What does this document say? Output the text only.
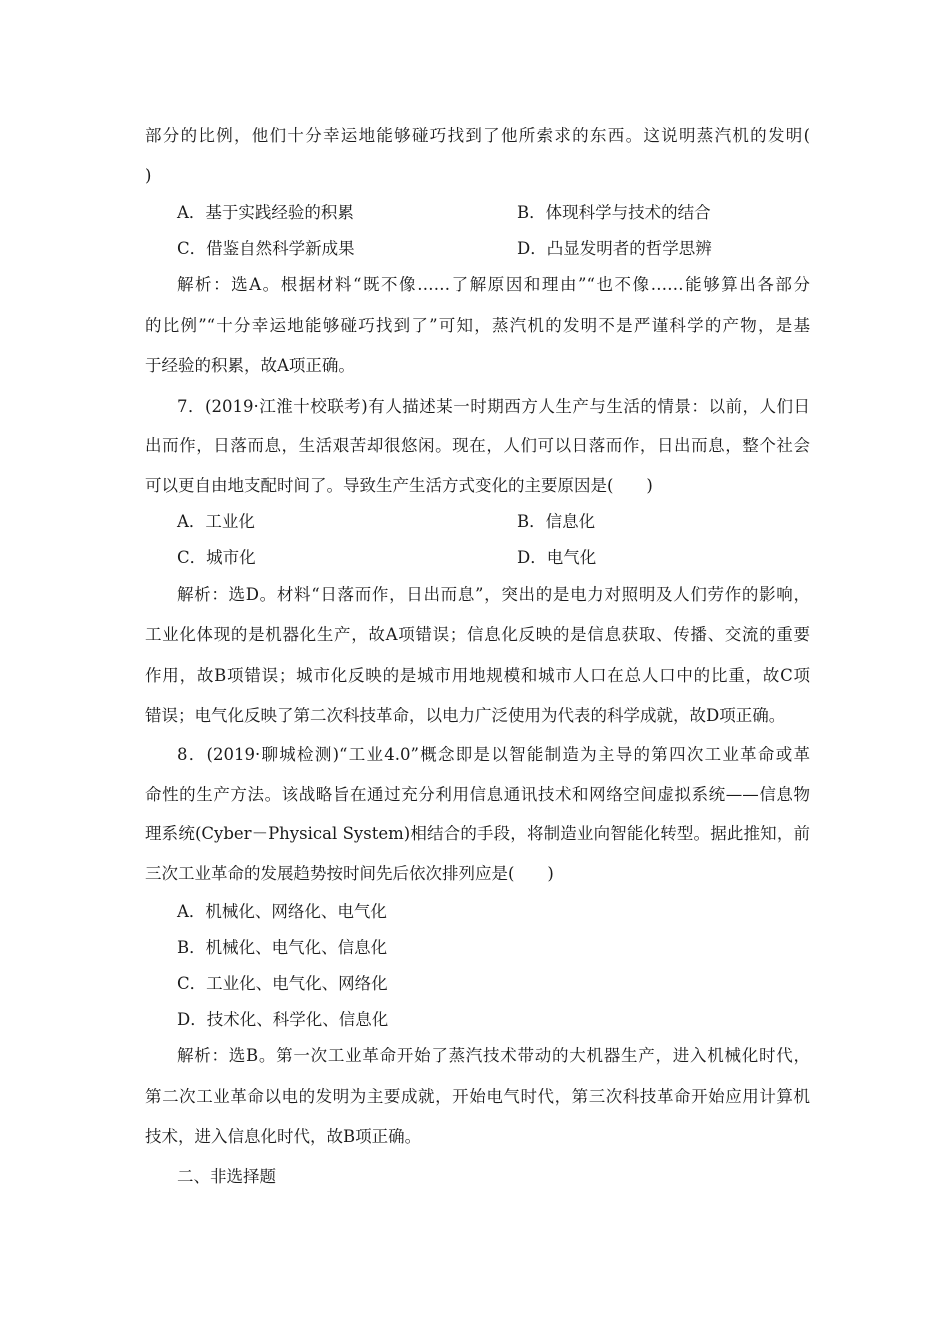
部分的比例，他们十分幸运地能够碰巧找到了他所索求的东西。这说明蒸汽机的发明(
)
A．基于实践经验的积累	B．体现科学与技术的结合
C．借鉴自然科学新成果	D．凸显发明者的哲学思辨
解析：选A。根据材料“既不像……了解原因和理由”“也不像……能够算出各部分
的比例”“十分幸运地能够碰巧找到了”可知，蒸汽机的发明不是严谨科学的产物，是基
于经验的积累，故A项正确。
7．(2019·江淮十校联考)有人描述某一时期西方人生产与生活的情景：以前，人们日
出而作，日落而息，生活艰苦却很悠闲。现在，人们可以日落而作，日出而息，整个社会
可以更自由地支配时间了。导致生产生活方式变化的主要原因是(　　)
A．工业化	B．信息化
C．城市化	D．电气化
解析：选D。材料“日落而作，日出而息”，突出的是电力对照明及人们劳作的影响，
工业化体现的是机器化生产，故A项错误；信息化反映的是信息获取、传播、交流的重要
作用，故B项错误；城市化反映的是城市用地规模和城市人口在总人口中的比重，故C项
错误；电气化反映了第二次科技革命，以电力广泛使用为代表的科学成就，故D项正确。
8．(2019·聊城检测)“工业4.0”概念即是以智能制造为主导的第四次工业革命或革
命性的生产方法。该战略旨在通过充分利用信息通讯技术和网络空间虚拟系统——信息物
理系统(Cyber－Physical System)相结合的手段，将制造业向智能化转型。据此推知，前
三次工业革命的发展趋势按时间先后依次排列应是(　　)
A．机械化、网络化、电气化
B．机械化、电气化、信息化
C．工业化、电气化、网络化
D．技术化、科学化、信息化
解析：选B。第一次工业革命开始了蒸汽技术带动的大机器生产，进入机械化时代，
第二次工业革命以电的发明为主要成就，开始电气时代，第三次科技革命开始应用计算机
技术，进入信息化时代，故B项正确。
二、非选择题
